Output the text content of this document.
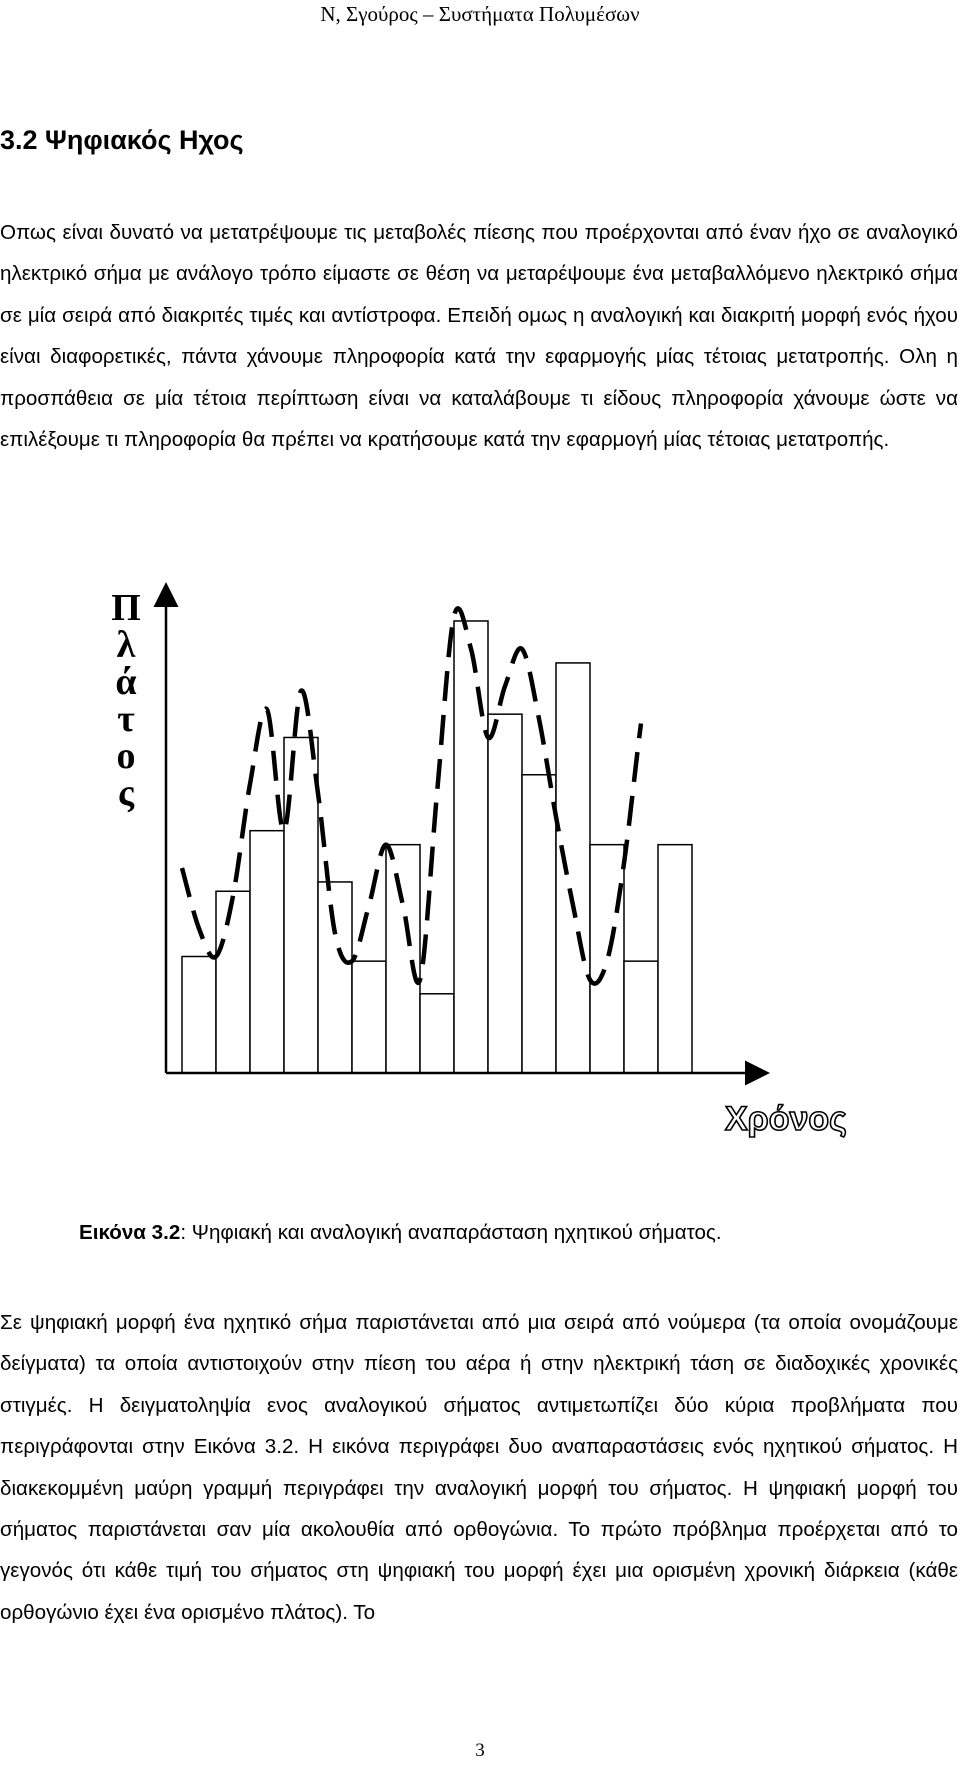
Ν, Σγούρος – Συστήματα Πολυμέσων
3.2 Ψηφιακός Ηχος

Οπως είναι δυνατό να μετατρέψουμε τις μεταβολές πίεσης που προέρχονται από έναν ήχο σε αναλογικό ηλεκτρικό σήμα με ανάλογο τρόπο είμαστε σε θέση να μεταρέψουμε ένα μεταβαλλόμενο ηλεκτρικό σήμα σε μία σειρά από διακριτές τιμές και αντίστροφα. Επειδή ομως η αναλογική και διακριτή μορφή ενός ήχου είναι διαφορετικές, πάντα χάνουμε πληροφορία κατά την εφαρμογής μίας τέτοιας μετατροπής. Ολη η προσπάθεια σε μία τέτοια περίπτωση είναι να καταλάβουμε τι είδους πληροφορία χάνουμε ώστε να επιλέξουμε τι πληροφορία θα πρέπει να κρατήσουμε κατά την εφαρμογή μίας τέτοιας μετατροπής.

Π
λ
ά
τ
ο
ς
Χρόνος

Εικόνα 3.2: Ψηφιακή και αναλογική αναπαράσταση ηχητικού σήματος.

Σε ψηφιακή μορφή ένα ηχητικό σήμα παριστάνεται από μια σειρά από νούμερα (τα οποία ονομάζουμε δείγματα) τα οποία αντιστοιχούν στην πίεση του αέρα ή στην ηλεκτρική τάση σε διαδοχικές χρονικές στιγμές. Η δειγματοληψία ενος αναλογικού σήματος αντιμετωπίζει δύο κύρια προβλήματα που περιγράφονται στην Εικόνα 3.2. Η εικόνα περιγράφει δυο αναπαραστάσεις ενός ηχητικού σήματος. Η διακεκομμένη μαύρη γραμμή περιγράφει την αναλογική μορφή του σήματος. Η ψηφιακή μορφή του σήματος παριστάνεται σαν μία ακολουθία από ορθογώνια. Το πρώτο πρόβλημα προέρχεται από το γεγονός ότι κάθε τιμή του σήματος στη ψηφιακή του μορφή έχει μια ορισμένη χρονική διάρκεια (κάθε ορθογώνιο έχει ένα ορισμένο πλάτος). Το

3
